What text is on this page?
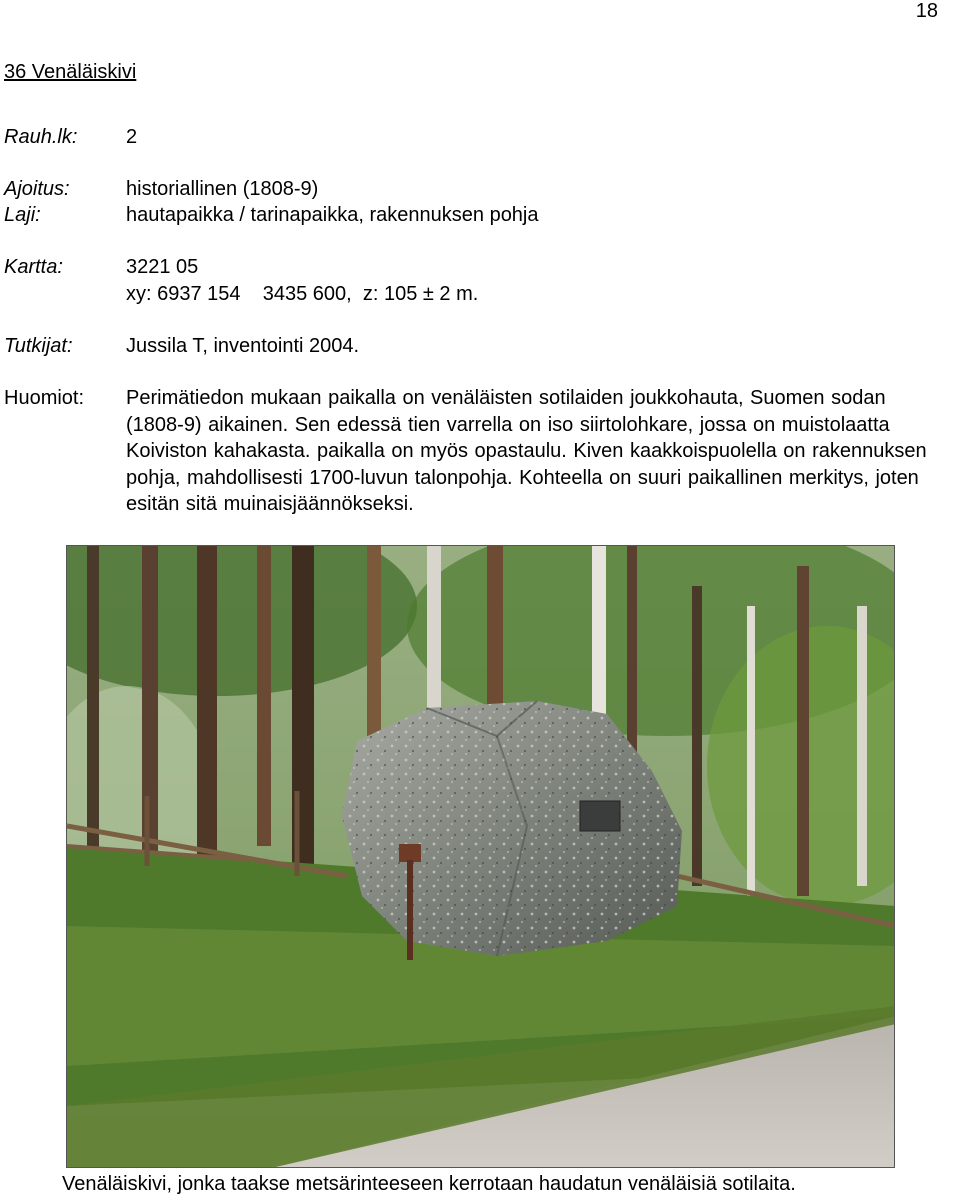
18
36 Venäläiskivi
Rauh.lk: 2
Ajoitus:	historiallinen (1808-9)
Laji:	hautapaikka / tarinapaikka, rakennuksen pohja
Kartta:	3221 05
xy: 6937 154    3435 600,  z: 105 ± 2 m.
Tutkijat:	Jussila T, inventointi 2004.
Huomiot: Perimätiedon mukaan paikalla on venäläisten sotilaiden joukkohauta, Suomen sodan (1808-9) aikainen. Sen edessä tien varrella on iso siirtolohkare, jossa on muistolaatta Koiviston kahakasta. paikalla on myös opastaulu. Kiven kaakkoispuolella on rakennuksen pohja, mahdollisesti 1700-luvun talonpohja. Kohteella on suuri paikallinen merkitys, joten esitän sitä muinaisjäännökseksi.
Venäläiskivi, jonka taakse metsärinteeseen kerrotaan haudatun venäläisiä sotilaita.
